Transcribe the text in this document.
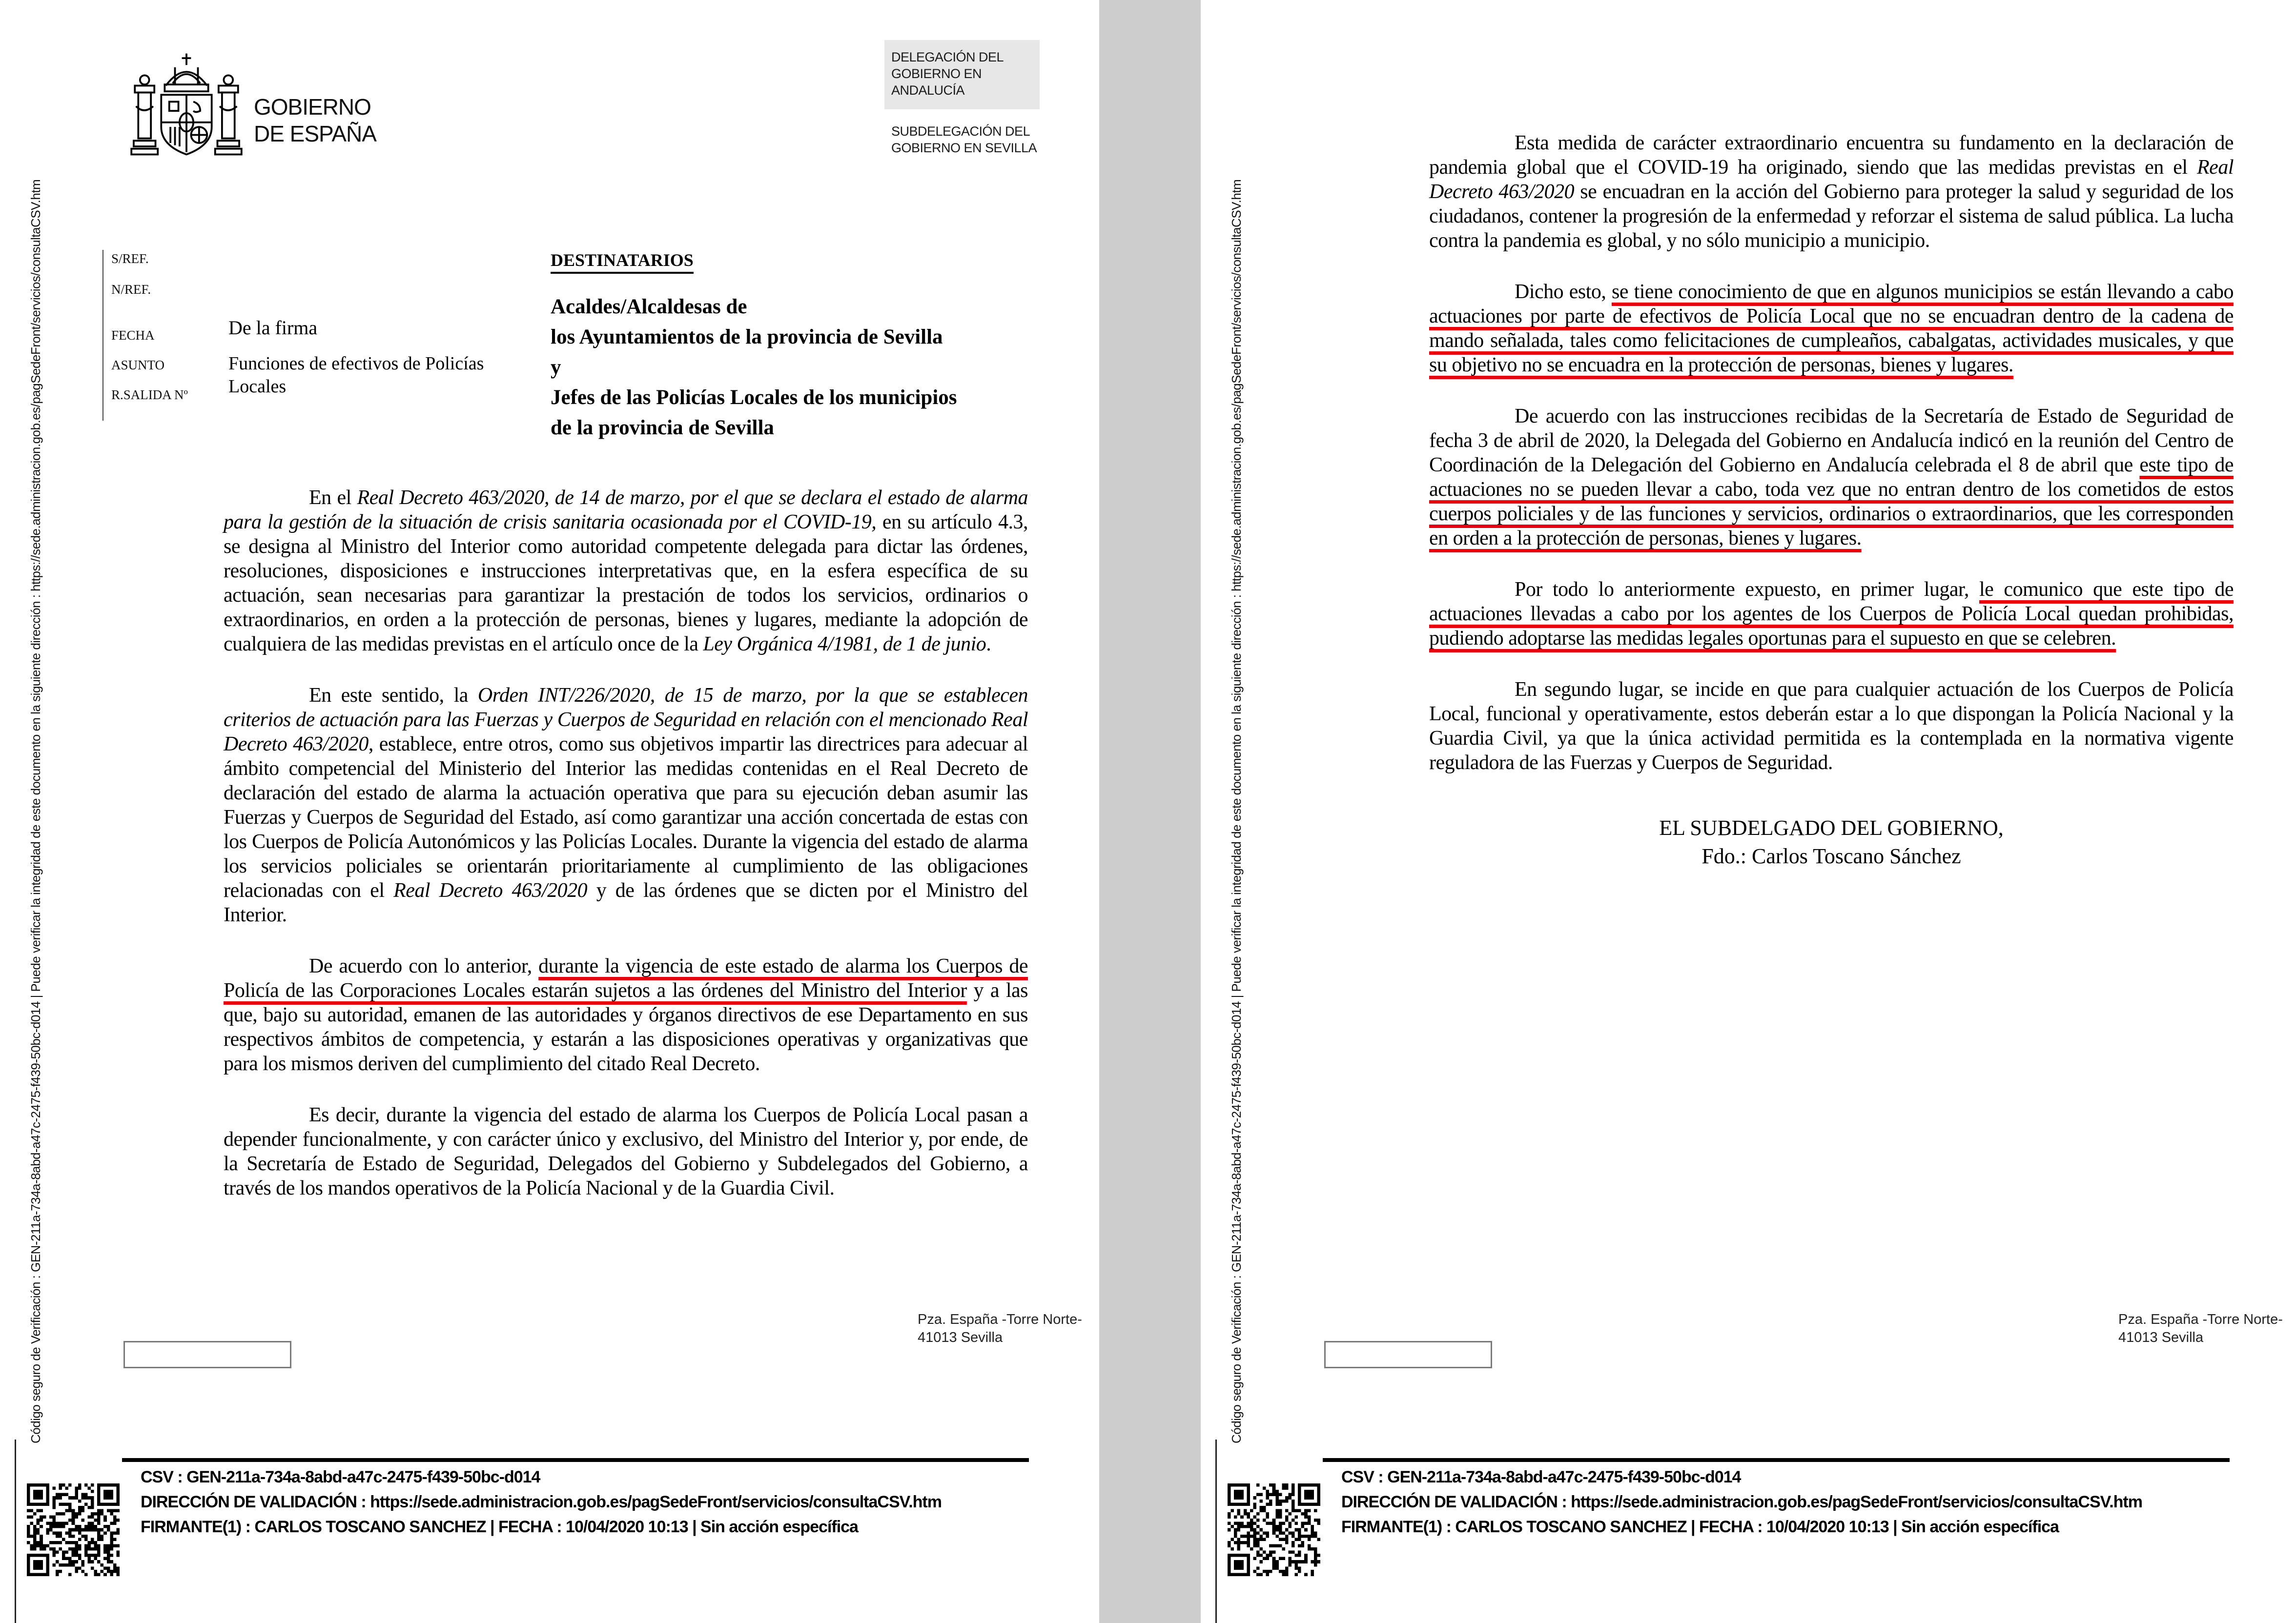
GOBIERNO
DE ESPAÑA
DELEGACIÓN DEL GOBIERNO EN
ANDALUCÍA
SUBDELEGACIÓN DEL
GOBIERNO EN SEVILLA
S/REF.
N/REF.
FECHA
ASUNTO
R.SALIDA Nº
De la firma
Funciones de efectivos de Policías Locales
DESTINATARIOS
Acaldes/Alcaldesas de
los Ayuntamientos de la provincia de Sevilla
y
Jefes de las Policías Locales de los municipios
de la provincia de Sevilla

En el Real Decreto 463/2020, de 14 de marzo, por el que se declara el estado de alarma para la gestión de la situación de crisis sanitaria ocasionada por el COVID-19, en su artículo 4.3, se designa al Ministro del Interior como autoridad competente delegada para dictar las órdenes, resoluciones, disposiciones e instrucciones interpretativas que, en la esfera específica de su actuación, sean necesarias para garantizar la prestación de todos los servicios, ordinarios o extraordinarios, en orden a la protección de personas, bienes y lugares, mediante la adopción de cualquiera de las medidas previstas en el artículo once de la Ley Orgánica 4/1981, de 1 de junio.

En este sentido, la Orden INT/226/2020, de 15 de marzo, por la que se establecen criterios de actuación para las Fuerzas y Cuerpos de Seguridad en relación con el mencionado Real Decreto 463/2020, establece, entre otros, como sus objetivos impartir las directrices para adecuar al ámbito competencial del Ministerio del Interior las medidas contenidas en el Real Decreto de declaración del estado de alarma la actuación operativa que para su ejecución deban asumir las Fuerzas y Cuerpos de Seguridad del Estado, así como garantizar una acción concertada de estas con los Cuerpos de Policía Autonómicos y las Policías Locales. Durante la vigencia del estado de alarma los servicios policiales se orientarán prioritariamente al cumplimiento de las obligaciones relacionadas con el Real Decreto 463/2020 y de las órdenes que se dicten por el Ministro del Interior.

De acuerdo con lo anterior, durante la vigencia de este estado de alarma los Cuerpos de Policía de las Corporaciones Locales estarán sujetos a las órdenes del Ministro del Interior y a las que, bajo su autoridad, emanen de las autoridades y órganos directivos de ese Departamento en sus respectivos ámbitos de competencia, y estarán a las disposiciones operativas y organizativas que para los mismos deriven del cumplimiento del citado Real Decreto.

Es decir, durante la vigencia del estado de alarma los Cuerpos de Policía Local pasan a depender funcionalmente, y con carácter único y exclusivo, del Ministro del Interior y, por ende, de la Secretaría de Estado de Seguridad, Delegados del Gobierno y Subdelegados del Gobierno, a través de los mandos operativos de la Policía Nacional y de la Guardia Civil.

Pza. España -Torre Norte-
41013 Sevilla
CSV : GEN-211a-734a-8abd-a47c-2475-f439-50bc-d014
DIRECCIÓN DE VALIDACIÓN : https://sede.administracion.gob.es/pagSedeFront/servicios/consultaCSV.htm
FIRMANTE(1) : CARLOS TOSCANO SANCHEZ | FECHA : 10/04/2020 10:13 | Sin acción específica
Código seguro de Verificación : GEN-211a-734a-8abd-a47c-2475-f439-50bc-d014 | Puede verificar la integridad de este documento en la siguiente dirección : https://sede.administracion.gob.es/pagSedeFront/servicios/consultaCSV.htm

Esta medida de carácter extraordinario encuentra su fundamento en la declaración de pandemia global que el COVID-19 ha originado, siendo que las medidas previstas en el Real Decreto 463/2020 se encuadran en la acción del Gobierno para proteger la salud y seguridad de los ciudadanos, contener la progresión de la enfermedad y reforzar el sistema de salud pública. La lucha contra la pandemia es global, y no sólo municipio a municipio.

Dicho esto, se tiene conocimiento de que en algunos municipios se están llevando a cabo actuaciones por parte de efectivos de Policía Local que no se encuadran dentro de la cadena de mando señalada, tales como felicitaciones de cumpleaños, cabalgatas, actividades musicales, y que su objetivo no se encuadra en la protección de personas, bienes y lugares.

De acuerdo con las instrucciones recibidas de la Secretaría de Estado de Seguridad de fecha 3 de abril de 2020, la Delegada del Gobierno en Andalucía indicó en la reunión del Centro de Coordinación de la Delegación del Gobierno en Andalucía celebrada el 8 de abril que este tipo de actuaciones no se pueden llevar a cabo, toda vez que no entran dentro de los cometidos de estos cuerpos policiales y de las funciones y servicios, ordinarios o extraordinarios, que les corresponden en orden a la protección de personas, bienes y lugares.

Por todo lo anteriormente expuesto, en primer lugar, le comunico que este tipo de actuaciones llevadas a cabo por los agentes de los Cuerpos de Policía Local quedan prohibidas, pudiendo adoptarse las medidas legales oportunas para el supuesto en que se celebren.

En segundo lugar, se incide en que para cualquier actuación de los Cuerpos de Policía Local, funcional y operativamente, estos deberán estar a lo que dispongan la Policía Nacional y la Guardia Civil, ya que la única actividad permitida es la contemplada en la normativa vigente reguladora de las Fuerzas y Cuerpos de Seguridad.

EL SUBDELGADO DEL GOBIERNO,
Fdo.: Carlos Toscano Sánchez
Pza. España -Torre Norte-
41013 Sevilla
CSV : GEN-211a-734a-8abd-a47c-2475-f439-50bc-d014
DIRECCIÓN DE VALIDACIÓN : https://sede.administracion.gob.es/pagSedeFront/servicios/consultaCSV.htm
FIRMANTE(1) : CARLOS TOSCANO SANCHEZ | FECHA : 10/04/2020 10:13 | Sin acción específica
Código seguro de Verificación : GEN-211a-734a-8abd-a47c-2475-f439-50bc-d014 | Puede verificar la integridad de este documento en la siguiente dirección : https://sede.administracion.gob.es/pagSedeFront/servicios/consultaCSV.htm
